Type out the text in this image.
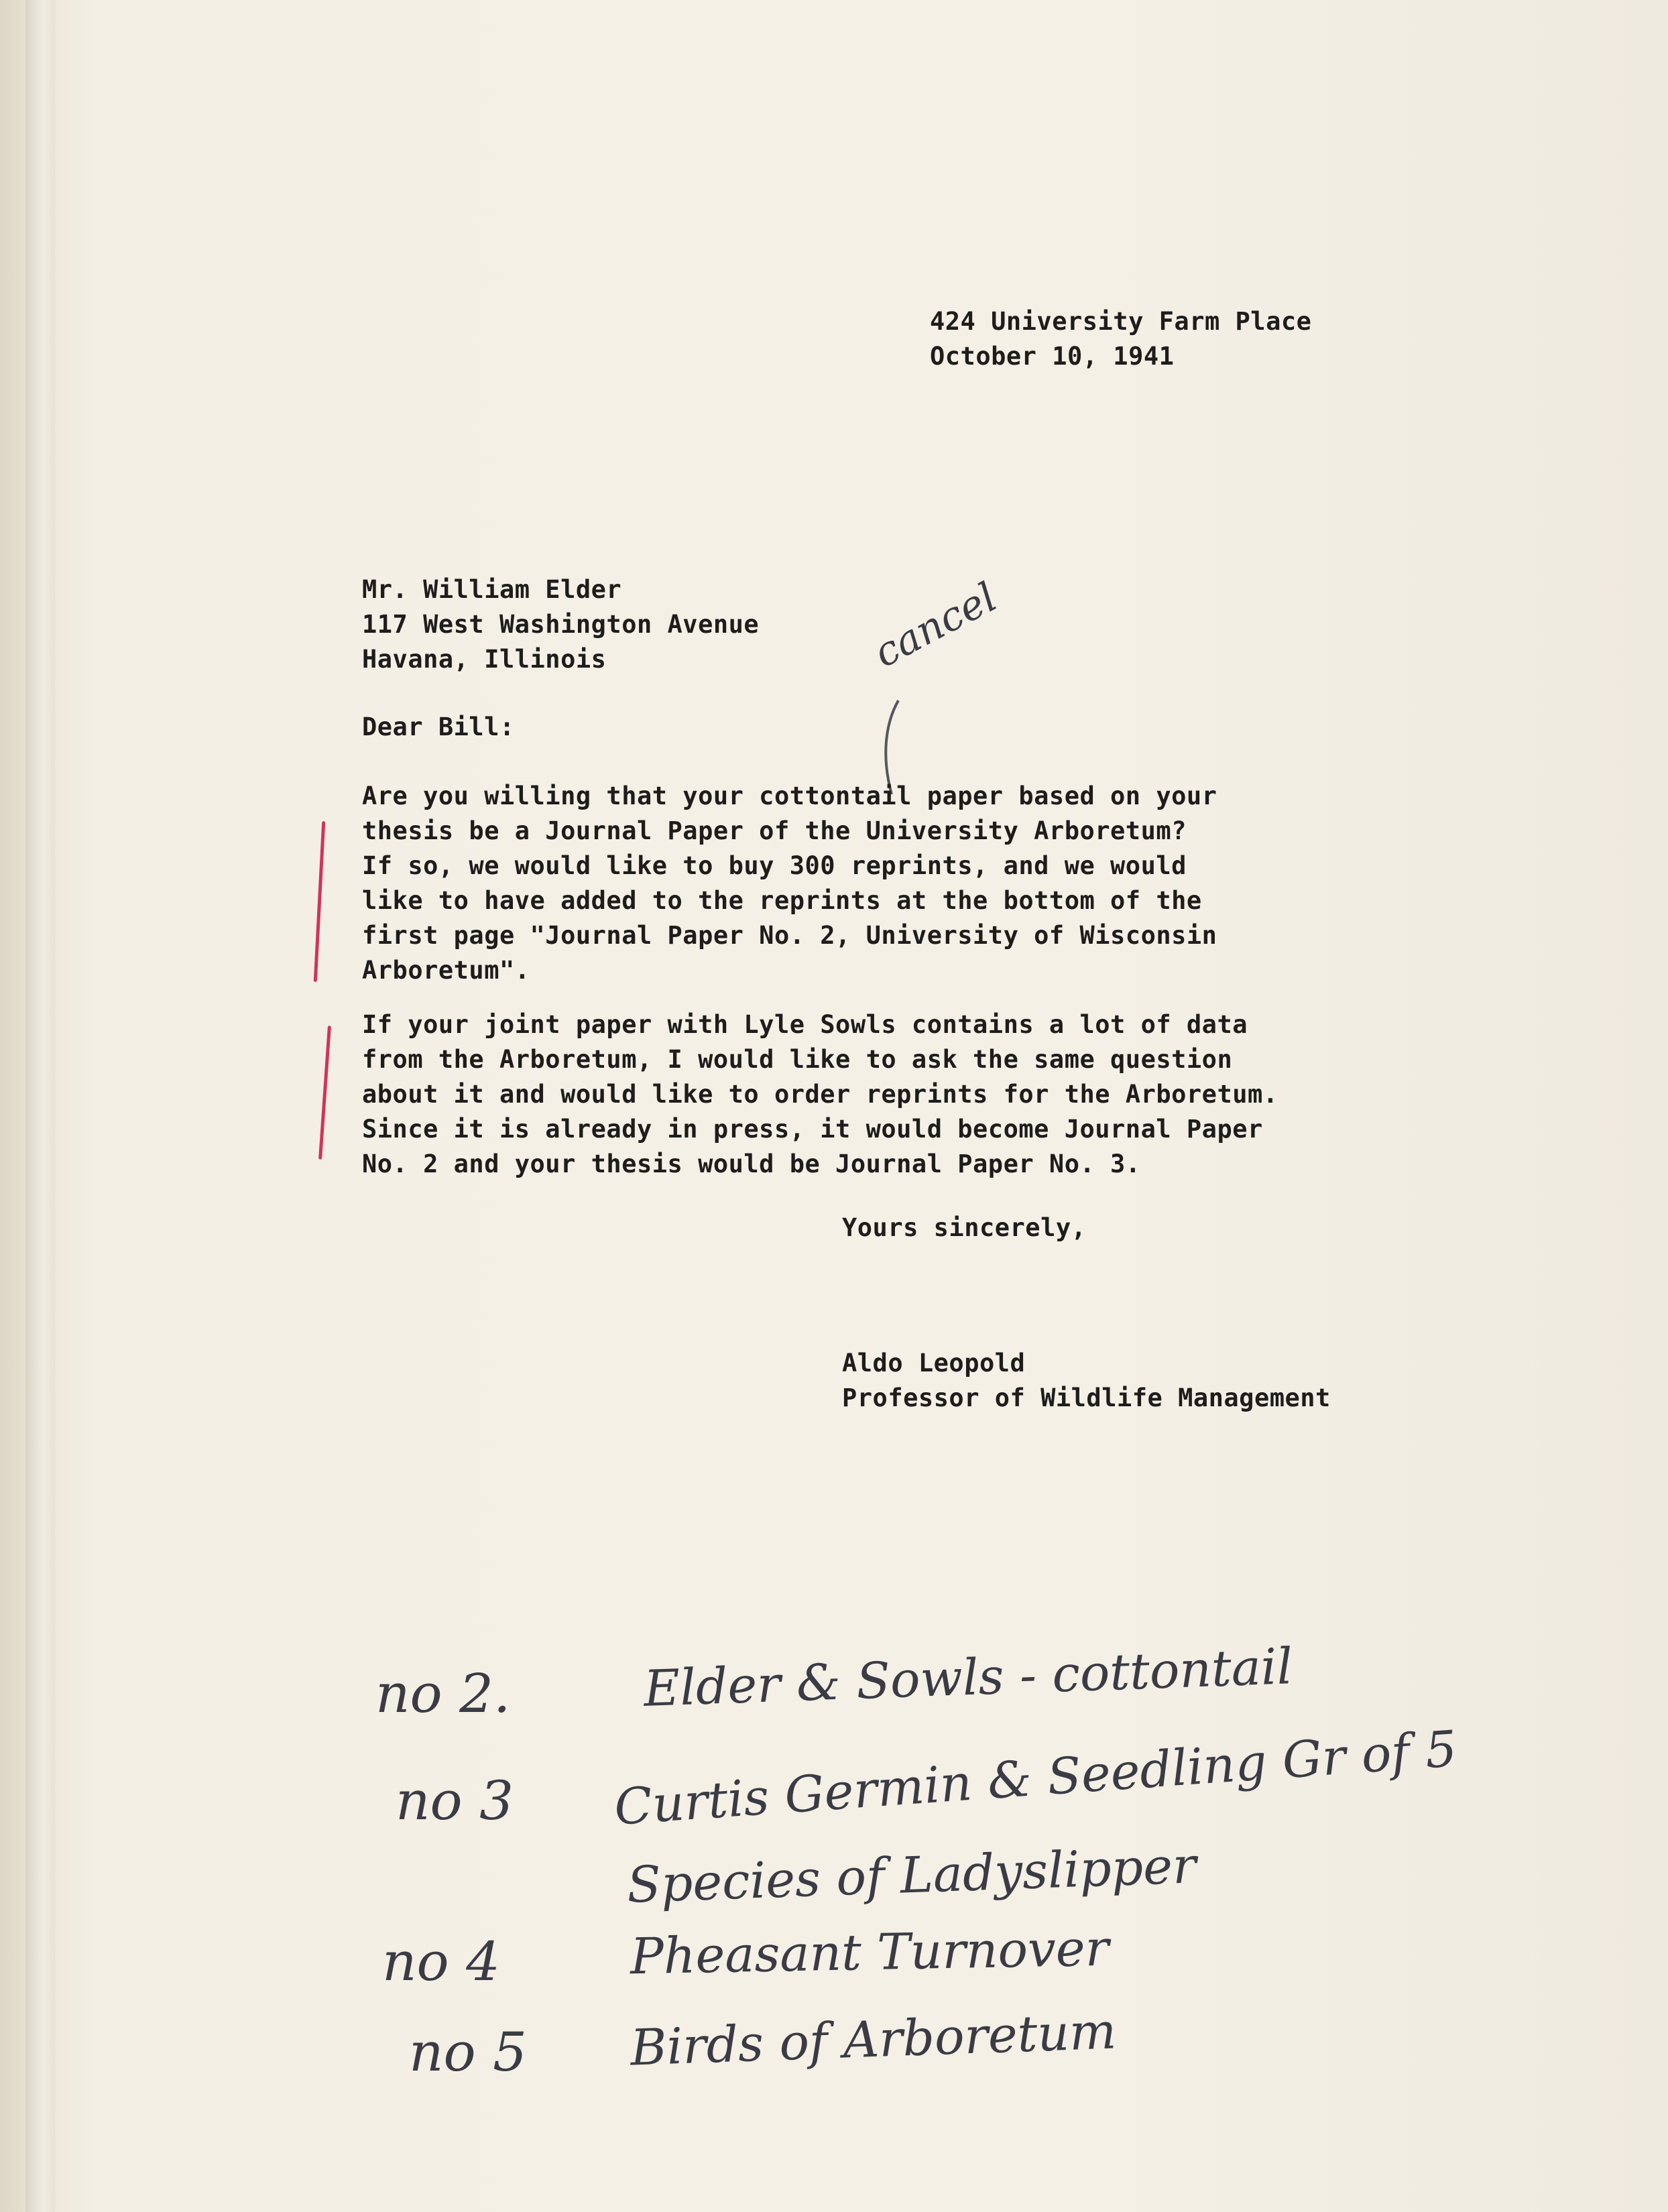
424 University Farm Place

October 10, 1941

Mr. William Elder

117 West Washington Avenue

Havana, Illinois

Dear Bill:
cancel

Are you willing that your cottontail paper based on your

thesis be a Journal Paper of the University Arboretum?

If so, we would like to buy 300 reprints, and we would

like to have added to the reprints at the bottom of the

first page "Journal Paper No. 2, University of Wisconsin

Arboretum".

If your joint paper with Lyle Sowls contains a lot of data

from the Arboretum, I would like to ask the same question

about it and would like to order reprints for the Arboretum.

Since it is already in press, it would become Journal Paper

No. 2 and your thesis would be Journal Paper No. 3.

Yours sincerely,

Aldo Leopold

Professor of Wildlife Management

no 2.	Elder & Sowls - cottontail
no 3 Curtis Germin & Seedling Gr of 5
Species of Ladyslipper
no 4	Pheasant Turnover
no 5 Birds of Arboretum
